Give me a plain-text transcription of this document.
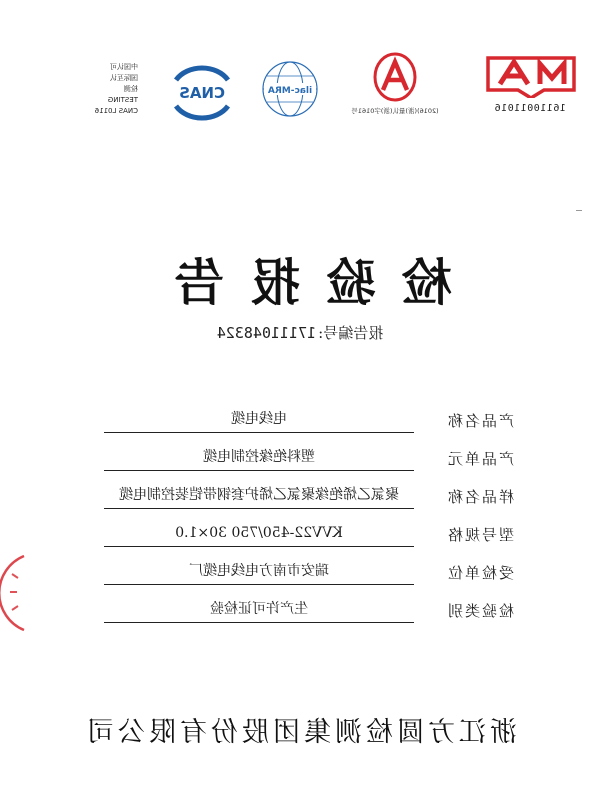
16110011016
(2016)(浙)量认(浙)字0161号
ilac-MRA
CNAS
中国认可
国际互认
检测
TESTING
CNAS L0116
检验报告
报告编号:17111048324
产品名称
电线电缆
产品单元
塑料绝缘控制电缆
样品名称
聚氯乙烯绝缘聚氯乙烯护套钢带铠装控制电缆
型号规格
KVV22-450/750 30×1.0
受检单位
瑞安市南方电线电缆厂
检验类别
生产许可证检验
浙江方圆检测集团股份有限公司
